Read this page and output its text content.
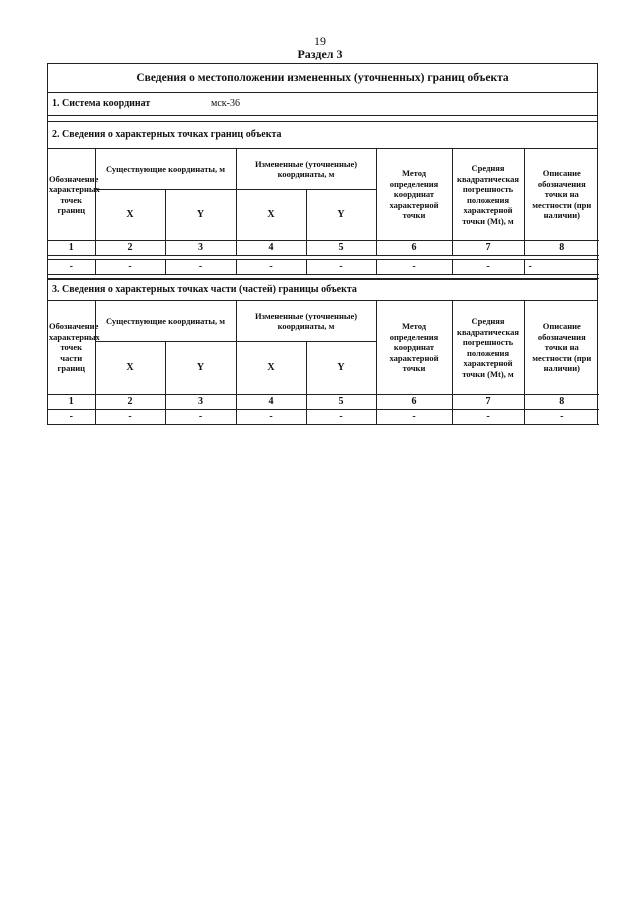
19
Раздел 3
Сведения о местоположении измененных (уточненных) границ объекта
1. Система координат	мск-36
2. Сведения о характерных точках границ объекта
Обозначение характерных точек границ	Существующие координаты, м		Измененные (уточненные) координаты, м		Метод определения координат характерной точки	Средняя квадратическая погрешность положения характерной точки (Mt), м	Описание обозначения точки на местности (при наличии)
	X	Y	X	Y			
1	2	3	4	5	6	7	8

-	-	-	-	-	-	-	-

3. Сведения о характерных точках части (частей) границы объекта
Обозначение характерных точек части границ	Существующие координаты, м		Измененные (уточненные) координаты, м		Метод определения координат характерной точки	Средняя квадратическая погрешность положения характерной точки (Mt), м	Описание обозначения точки на местности (при наличии)
	X	Y	X	Y			
1	2	3	4	5	6	7	8
-	-	-	-	-	-	-	-
